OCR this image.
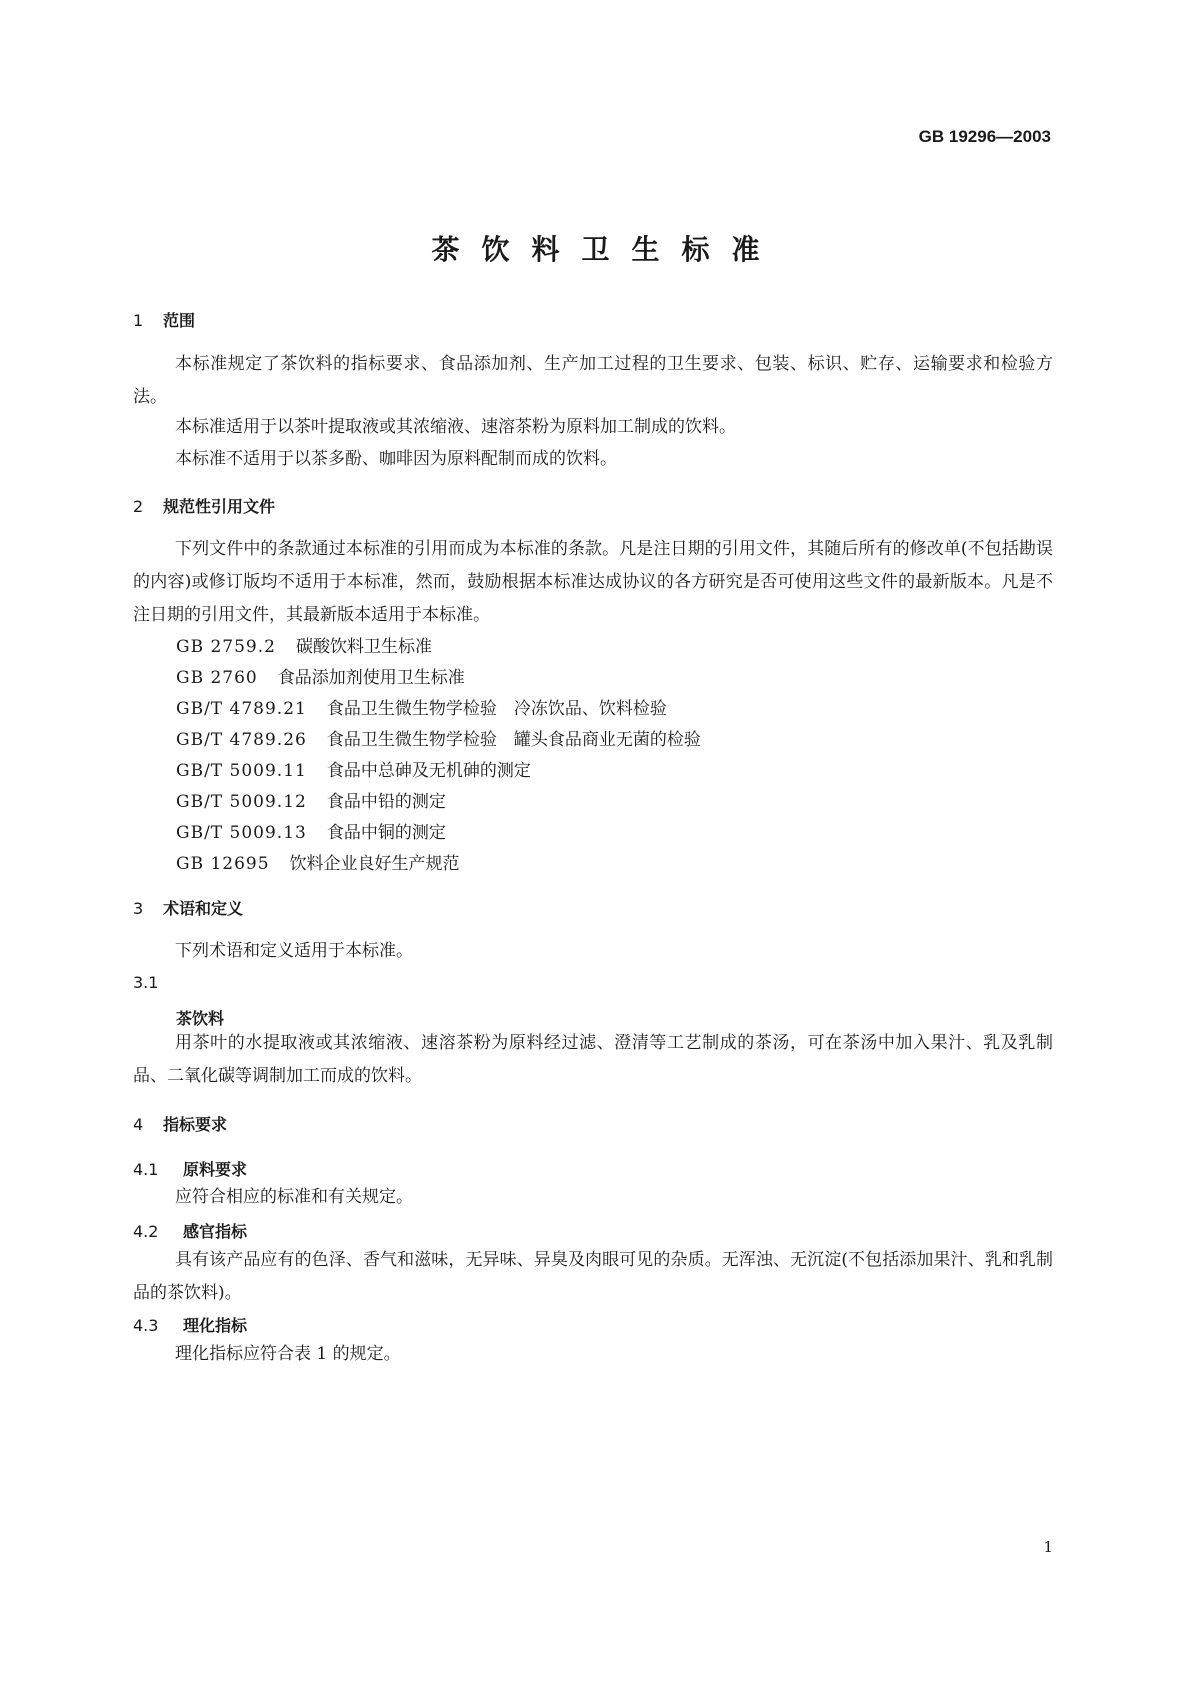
GB 19296—2003
茶饮料卫生标准
1 范围
本标准规定了茶饮料的指标要求、食品添加剂、生产加工过程的卫生要求、包装、标识、贮存、运输要求和检验方法。
本标准适用于以茶叶提取液或其浓缩液、速溶茶粉为原料加工制成的饮料。
本标准不适用于以茶多酚、咖啡因为原料配制而成的饮料。
2 规范性引用文件
下列文件中的条款通过本标准的引用而成为本标准的条款。凡是注日期的引用文件，其随后所有的修改单(不包括勘误的内容)或修订版均不适用于本标准，然而，鼓励根据本标准达成协议的各方研究是否可使用这些文件的最新版本。凡是不注日期的引用文件，其最新版本适用于本标准。
GB 2759.2 碳酸饮料卫生标准
GB 2760 食品添加剂使用卫生标准
GB/T 4789.21 食品卫生微生物学检验　冷冻饮品、饮料检验
GB/T 4789.26 食品卫生微生物学检验　罐头食品商业无菌的检验
GB/T 5009.11 食品中总砷及无机砷的测定
GB/T 5009.12 食品中铅的测定
GB/T 5009.13 食品中铜的测定
GB 12695 饮料企业良好生产规范
3 术语和定义
下列术语和定义适用于本标准。
3.1
茶饮料
用茶叶的水提取液或其浓缩液、速溶茶粉为原料经过滤、澄清等工艺制成的茶汤，可在茶汤中加入果汁、乳及乳制品、二氧化碳等调制加工而成的饮料。
4 指标要求
4.1 原料要求
应符合相应的标准和有关规定。
4.2 感官指标
具有该产品应有的色泽、香气和滋味，无异味、异臭及肉眼可见的杂质。无浑浊、无沉淀(不包括添加果汁、乳和乳制品的茶饮料)。
4.3 理化指标
理化指标应符合表 1 的规定。
1
